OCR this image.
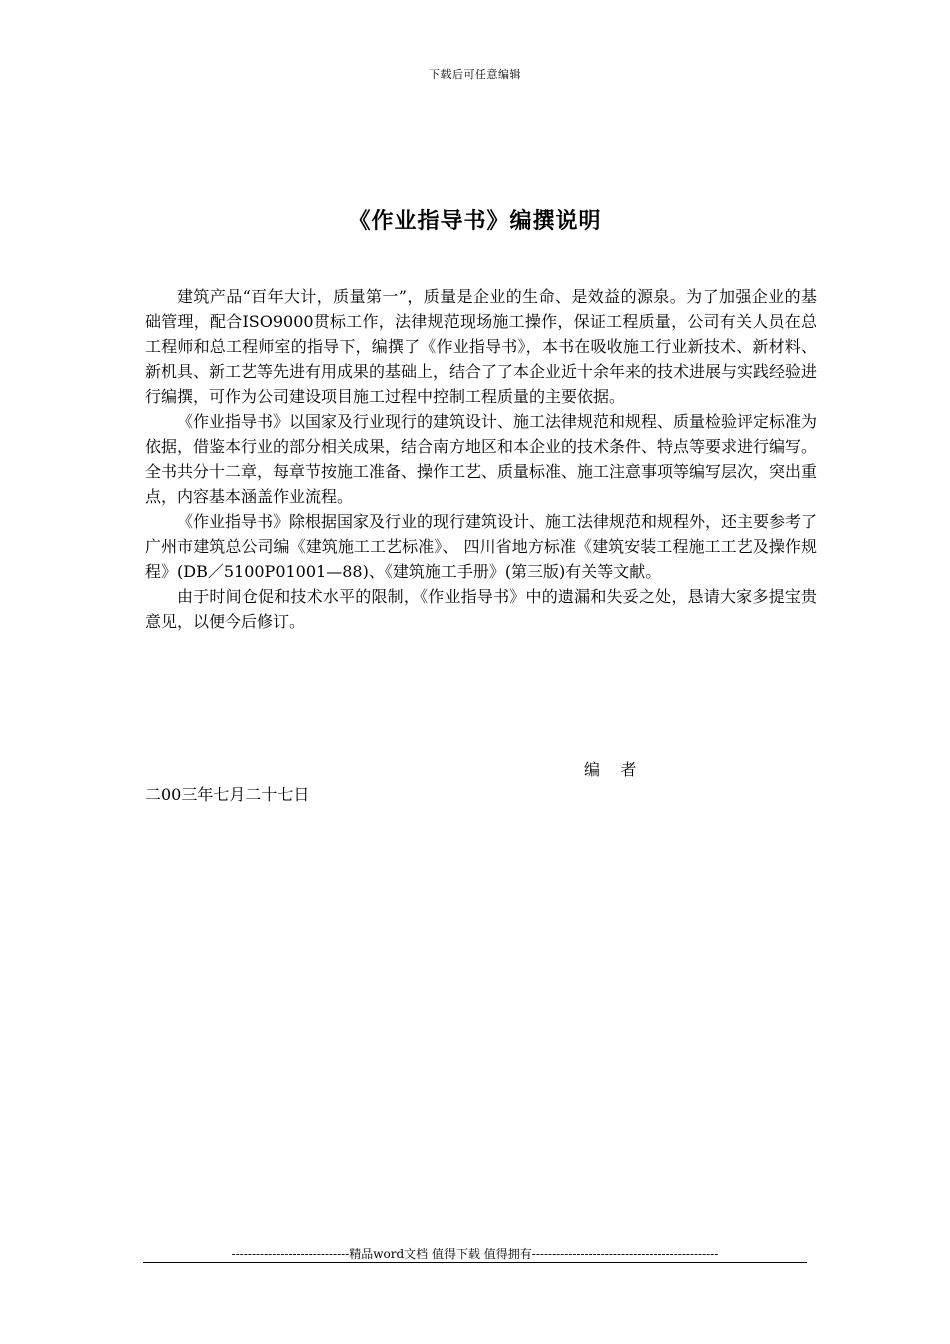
下载后可任意编辑
《作业指导书》编撰说明

建筑产品“百年大计，质量第一”，质量是企业的生命、是效益的源泉。为了加强企业的基础管理，配合ISO9000贯标工作，法律规范现场施工操作，保证工程质量，公司有关人员在总工程师和总工程师室的指导下，编撰了《作业指导书》，本书在吸收施工行业新技术、新材料、新机具、新工艺等先进有用成果的基础上，结合了了本企业近十余年来的技术进展与实践经验进行编撰，可作为公司建设项目施工过程中控制工程质量的主要依据。

《作业指导书》以国家及行业现行的建筑设计、施工法律规范和规程、质量检验评定标准为依据，借鉴本行业的部分相关成果，结合南方地区和本企业的技术条件、特点等要求进行编写。全书共分十二章，每章节按施工准备、操作工艺、质量标准、施工注意事项等编写层次，突出重点，内容基本涵盖作业流程。

《作业指导书》除根据国家及行业的现行建筑设计、施工法律规范和规程外，还主要参考了广州市建筑总公司编《建筑施工工艺标准》、 四川省地方标准《建筑安装工程施工工艺及操作规程》(DB／5100P01001—88)、《建筑施工手册》(第三版)有关等文献。

由于时间仓促和技术水平的限制，《作业指导书》中的遗漏和失妥之处，恳请大家多提宝贵意见，以便今后修订。

编    者
二00三年七月二十七日
-----------------------------精品word文档 值得下载 值得拥有----------------------------------------------
